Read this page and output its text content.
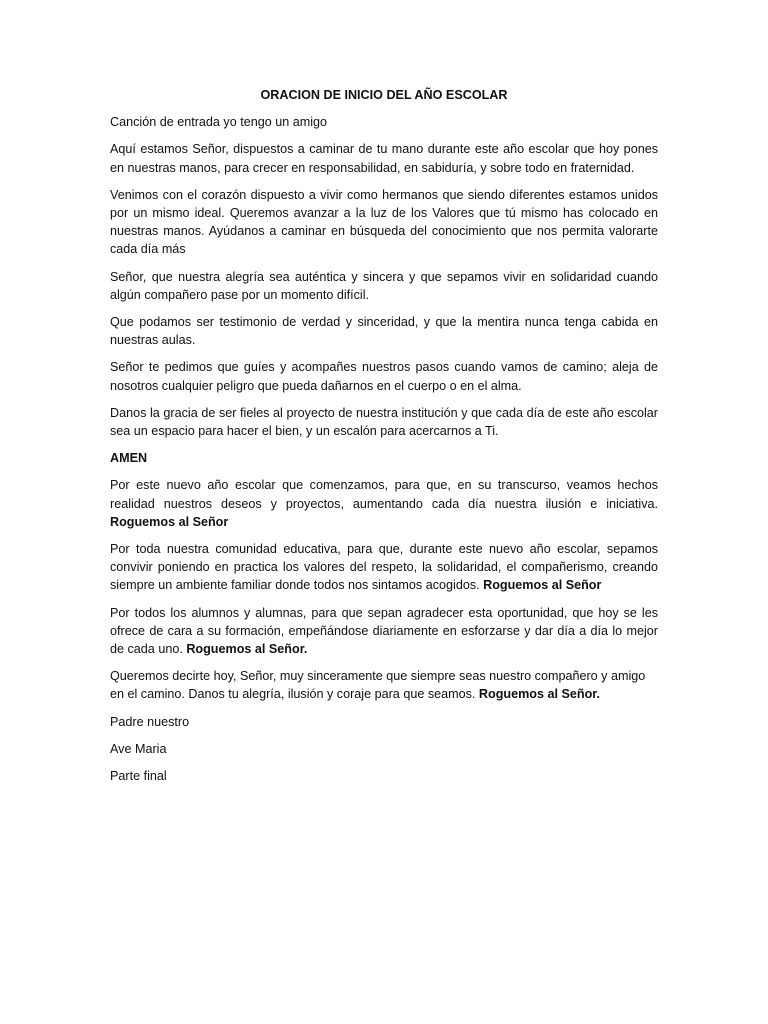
ORACION DE INICIO DEL AÑO ESCOLAR

Canción de entrada yo tengo un amigo

Aquí estamos Señor, dispuestos a caminar de tu mano durante este año escolar que hoy pones en nuestras manos, para crecer en responsabilidad, en sabiduría, y sobre todo en fraternidad.

Venimos con el corazón dispuesto a vivir como hermanos que siendo diferentes estamos unidos por un mismo ideal. Queremos avanzar a la luz de los Valores que tú mismo has colocado en nuestras manos. Ayúdanos a caminar en búsqueda del conocimiento que nos permita valorarte cada día más

Señor, que nuestra alegría sea auténtica y sincera y que sepamos vivir en solidaridad cuando algún compañero pase por un momento difícil.

Que podamos ser testimonio de verdad y sinceridad, y que la mentira nunca tenga cabida en nuestras aulas.

Señor te pedimos que guíes y acompañes nuestros pasos cuando vamos de camino; aleja de nosotros cualquier peligro que pueda dañarnos en el cuerpo o en el alma.

Danos la gracia de ser fieles al proyecto de nuestra institución y que cada día de este año escolar sea un espacio para hacer el bien, y un escalón para acercarnos a Ti.

AMEN

Por este nuevo año escolar que comenzamos, para que, en su transcurso, veamos hechos realidad nuestros deseos y proyectos, aumentando cada día nuestra ilusión e iniciativa. Roguemos al Señor

Por toda nuestra comunidad educativa, para que, durante este nuevo año escolar, sepamos convivir poniendo en practica los valores del respeto, la solidaridad, el compañerismo, creando siempre un ambiente familiar donde todos nos sintamos acogidos. Roguemos al Señor

Por todos los alumnos y alumnas, para que sepan agradecer esta oportunidad, que hoy se les ofrece de cara a su formación, empeñándose diariamente en esforzarse y dar día a día lo mejor de cada uno. Roguemos al Señor.

Queremos decirte hoy, Señor, muy sinceramente que siempre seas nuestro compañero y amigo en el camino. Danos tu alegría, ilusión y coraje para que seamos. Roguemos al Señor.

Padre nuestro

Ave Maria

Parte final
